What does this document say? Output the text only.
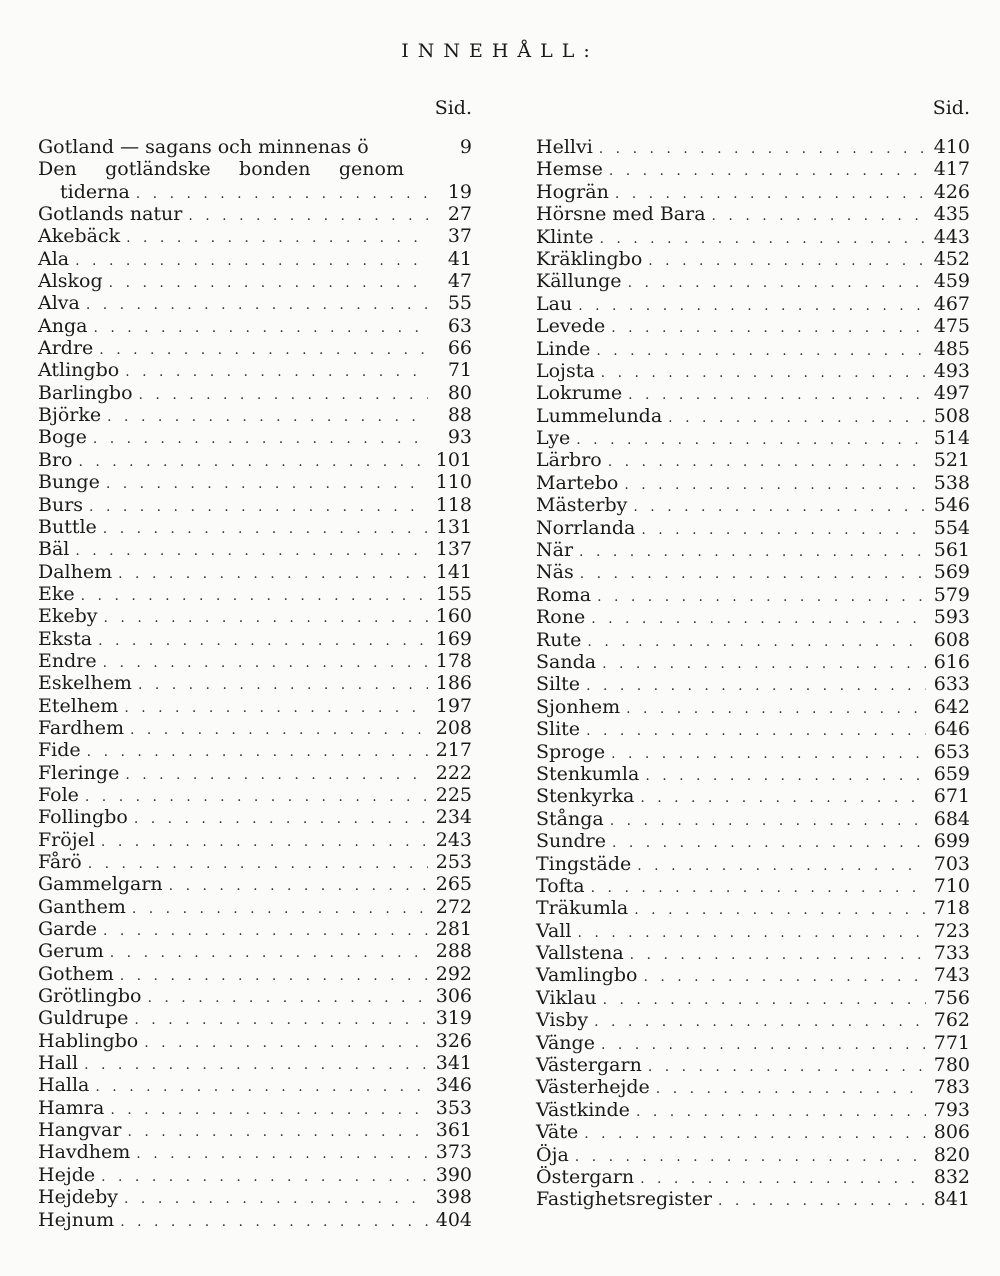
INNEHÅLL:
Sid.
Gotland — sagans och minnenas ö	9
Den gotländske bonden genom
tiderna . . .	19
Gotlands natur . . .	27
Akebäck . . .	37
Ala . . .	41
Alskog . . .	47
Alva . . .	55
Anga . . .	63
Ardre . . .	66
Atlingbo . . .	71
Barlingbo . . .	80
Björke . . .	88
Boge . . .	93
Bro . . .	101
Bunge . . .	110
Burs . . .	118
Buttle . . .	131
Bäl . . .	137
Dalhem . . .	141
Eke . . .	155
Ekeby . . .	160
Eksta . . .	169
Endre . . .	178
Eskelhem . . .	186
Etelhem . . .	197
Fardhem . . .	208
Fide . . .	217
Fleringe . . .	222
Fole . . .	225
Follingbo . . .	234
Fröjel . . .	243
Fårö . . .	253
Gammelgarn . . .	265
Ganthem . . .	272
Garde . . .	281
Gerum . . .	288
Gothem . . .	292
Grötlingbo . . .	306
Guldrupe . . .	319
Hablingbo . . .	326
Hall . . .	341
Halla . . .	346
Hamra . . .	353
Hangvar . . .	361
Havdhem . . .	373
Hejde . . .	390
Hejdeby . . .	398
Hejnum . . .	404
Sid.
Hellvi . . .	410
Hemse . . .	417
Hogrän . . .	426
Hörsne med Bara . . .	435
Klinte . . .	443
Kräklingbo . . .	452
Källunge . . .	459
Lau . . .	467
Levede . . .	475
Linde . . .	485
Lojsta . . .	493
Lokrume . . .	497
Lummelunda . . .	508
Lye . . .	514
Lärbro . . .	521
Martebo . . .	538
Mästerby . . .	546
Norrlanda . . .	554
När . . .	561
Näs . . .	569
Roma . . .	579
Rone . . .	593
Rute . . .	608
Sanda . . .	616
Silte . . .	633
Sjonhem . . .	642
Slite . . .	646
Sproge . . .	653
Stenkumla . . .	659
Stenkyrka . . .	671
Stånga . . .	684
Sundre . . .	699
Tingstäde . . .	703
Tofta . . .	710
Träkumla . . .	718
Vall . . .	723
Vallstena . . .	733
Vamlingbo . . .	743
Viklau . . .	756
Visby . . .	762
Vänge . . .	771
Västergarn . . .	780
Västerhejde . . .	783
Västkinde . . .	793
Väte . . .	806
Öja . . .	820
Östergarn . . .	832
Fastighetsregister . . .	841
